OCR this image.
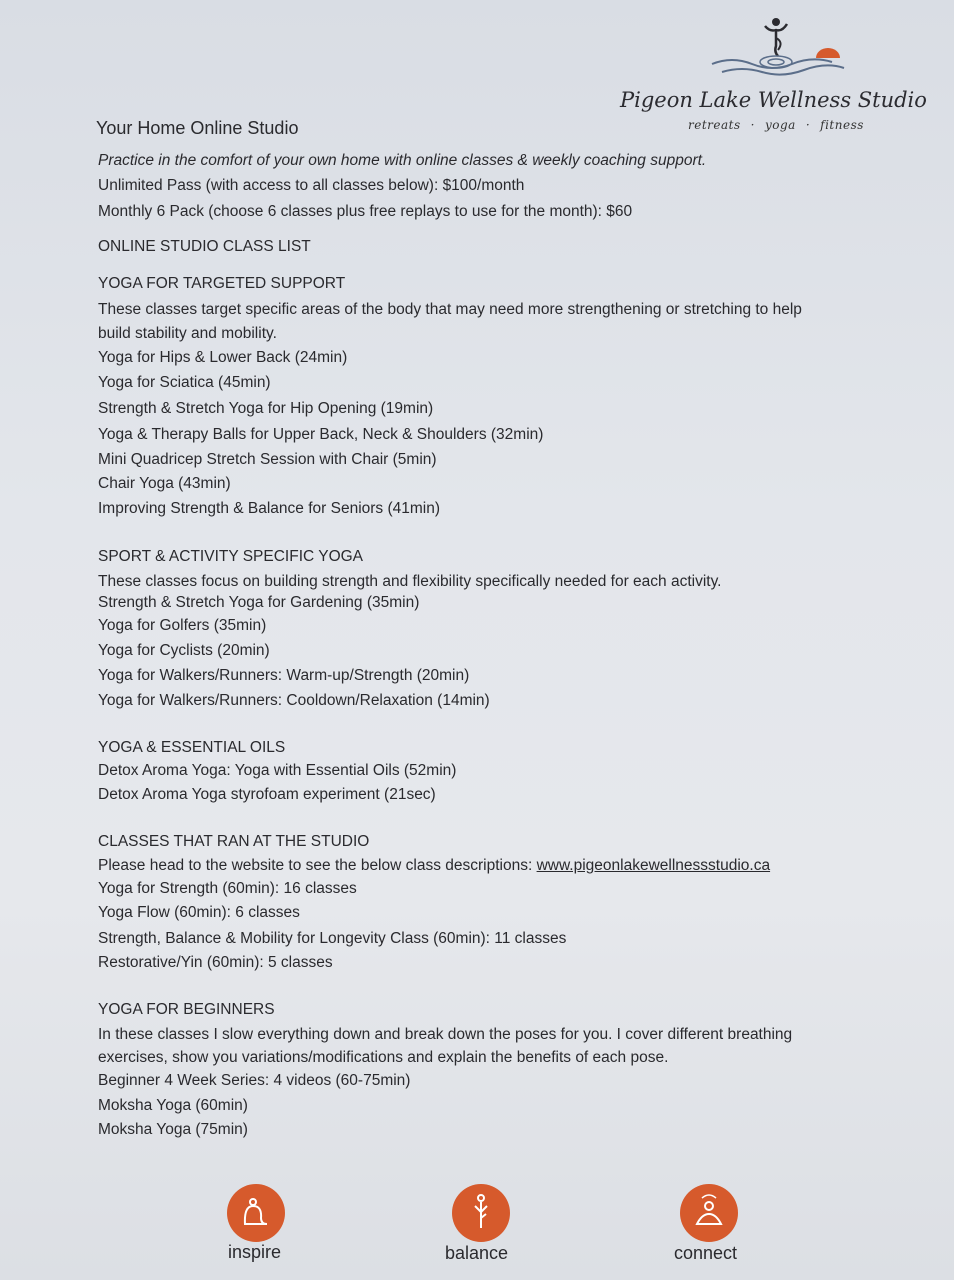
Pigeon Lake Wellness Studio
retreats · yoga · fitness
Your Home Online Studio
Practice in the comfort of your own home with online classes & weekly coaching support.
Unlimited Pass (with access to all classes below): $100/month
Monthly 6 Pack (choose 6 classes plus free replays to use for the month): $60
ONLINE STUDIO CLASS LIST
YOGA FOR TARGETED SUPPORT
These classes target specific areas of the body that may need more strengthening or stretching to help
build stability and mobility.
Yoga for Hips & Lower Back (24min)
Yoga for Sciatica (45min)
Strength & Stretch Yoga for Hip Opening (19min)
Yoga & Therapy Balls for Upper Back, Neck & Shoulders (32min)
Mini Quadricep Stretch Session with Chair (5min)
Chair Yoga (43min)
Improving Strength & Balance for Seniors (41min)
SPORT & ACTIVITY SPECIFIC YOGA
These classes focus on building strength and flexibility specifically needed for each activity.
Strength & Stretch Yoga for Gardening (35min)
Yoga for Golfers (35min)
Yoga for Cyclists (20min)
Yoga for Walkers/Runners: Warm-up/Strength (20min)
Yoga for Walkers/Runners: Cooldown/Relaxation (14min)
YOGA & ESSENTIAL OILS
Detox Aroma Yoga: Yoga with Essential Oils (52min)
Detox Aroma Yoga styrofoam experiment (21sec)
CLASSES THAT RAN AT THE STUDIO
Please head to the website to see the below class descriptions: www.pigeonlakewellnessstudio.ca
Yoga for Strength (60min): 16 classes
Yoga Flow (60min): 6 classes
Strength, Balance & Mobility for Longevity Class (60min): 11 classes
Restorative/Yin (60min): 5 classes
YOGA FOR BEGINNERS
In these classes I slow everything down and break down the poses for you. I cover different breathing
exercises, show you variations/modifications and explain the benefits of each pose.
Beginner 4 Week Series: 4 videos (60-75min)
Moksha Yoga (60min)
Moksha Yoga (75min)
inspire	balance	connect
